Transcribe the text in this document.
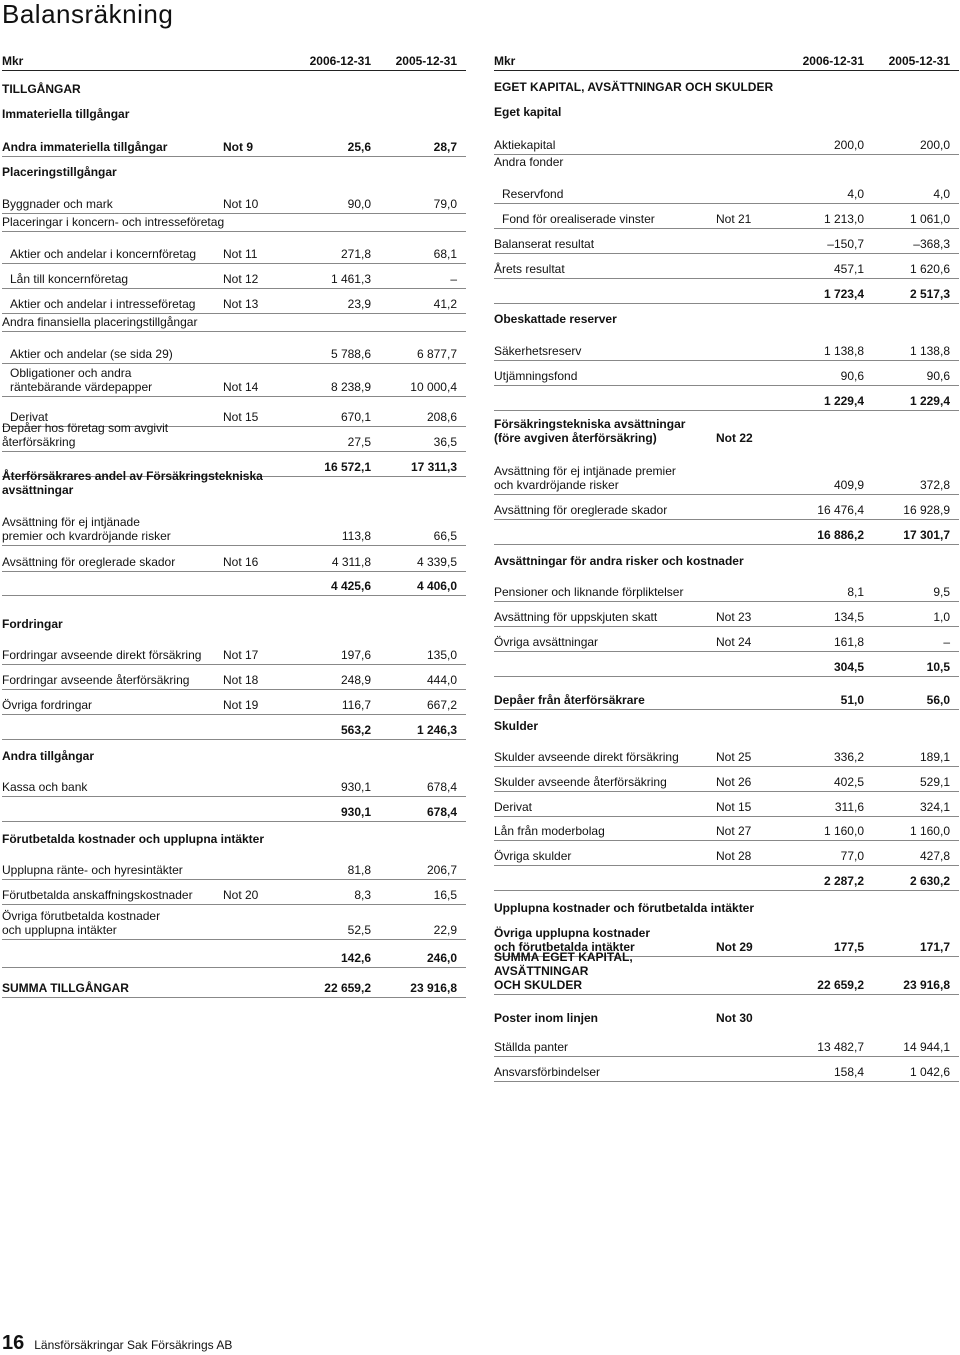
Balansräkning
Mkr	2006-12-31	2005-12-31
TILLGÅNGAR
Immateriella tillgångar
Andra immateriella tillgångar	Not 9	25,6	28,7
Placeringstillgångar
Byggnader och mark	Not 10	90,0	79,0
Placeringar i koncern- och intresseföretag
Aktier och andelar i koncernföretag	Not 11	271,8	68,1
Lån till koncernföretag	Not 12	1 461,3	–
Aktier och andelar i intresseföretag	Not 13	23,9	41,2
Andra finansiella placeringstillgångar
Aktier och andelar (se sida 29)	5 788,6	6 877,7
Obligationer och andra
räntebärande värdepapper	Not 14	8 238,9	10 000,4
Derivat	Not 15	670,1	208,6
Depåer hos företag som avgivit återförsäkring	27,5	36,5
16 572,1	17 311,3
Återförsäkrares andel av Försäkringstekniska avsättningar
Avsättning för ej intjänade
premier och kvardröjande risker	113,8	66,5
Avsättning för oreglerade skador	Not 16	4 311,8	4 339,5
4 425,6	4 406,0
Fordringar
Fordringar avseende direkt försäkring	Not 17	197,6	135,0
Fordringar avseende återförsäkring	Not 18	248,9	444,0
Övriga fordringar	Not 19	116,7	667,2
563,2	1 246,3
Andra tillgångar
Kassa och bank	930,1	678,4
930,1	678,4
Förutbetalda kostnader och upplupna intäkter
Upplupna ränte- och hyresintäkter	81,8	206,7
Förutbetalda anskaffningskostnader	Not 20	8,3	16,5
Övriga förutbetalda kostnader
och upplupna intäkter	52,5	22,9
142,6	246,0
SUMMA TILLGÅNGAR	22 659,2	23 916,8
Mkr	2006-12-31	2005-12-31
EGET KAPITAL, AVSÄTTNINGAR OCH SKULDER
Eget kapital
Aktiekapital	200,0	200,0
Andra fonder
Reservfond	4,0	4,0
Fond för orealiserade vinster	Not 21	1 213,0	1 061,0
Balanserat resultat	–150,7	–368,3
Årets resultat	457,1	1 620,6
1 723,4	2 517,3
Obeskattade reserver
Säkerhetsreserv	1 138,8	1 138,8
Utjämningsfond	90,6	90,6
1 229,4	1 229,4
Försäkringstekniska avsättningar
(före avgiven återförsäkring)	Not 22
Avsättning för ej intjänade premier
och kvardröjande risker	409,9	372,8
Avsättning för oreglerade skador	16 476,4	16 928,9
16 886,2	17 301,7
Avsättningar för andra risker och kostnader
Pensioner och liknande förpliktelser	8,1	9,5
Avsättning för uppskjuten skatt	Not 23	134,5	1,0
Övriga avsättningar	Not 24	161,8	–
304,5	10,5
Depåer från återförsäkrare	51,0	56,0
Skulder
Skulder avseende direkt försäkring	Not 25	336,2	189,1
Skulder avseende återförsäkring	Not 26	402,5	529,1
Derivat	Not 15	311,6	324,1
Lån från moderbolag	Not 27	1 160,0	1 160,0
Övriga skulder	Not 28	77,0	427,8
2 287,2	2 630,2
Upplupna kostnader och förutbetalda intäkter
Övriga upplupna kostnader
och förutbetalda intäkter	Not 29	177,5	171,7
SUMMA EGET KAPITAL, AVSÄTTNINGAR
OCH SKULDER	22 659,2	23 916,8
Poster inom linjen	Not 30
Ställda panter	13 482,7	14 944,1
Ansvarsförbindelser	158,4	1 042,6
16 Länsförsäkringar Sak Försäkrings AB
